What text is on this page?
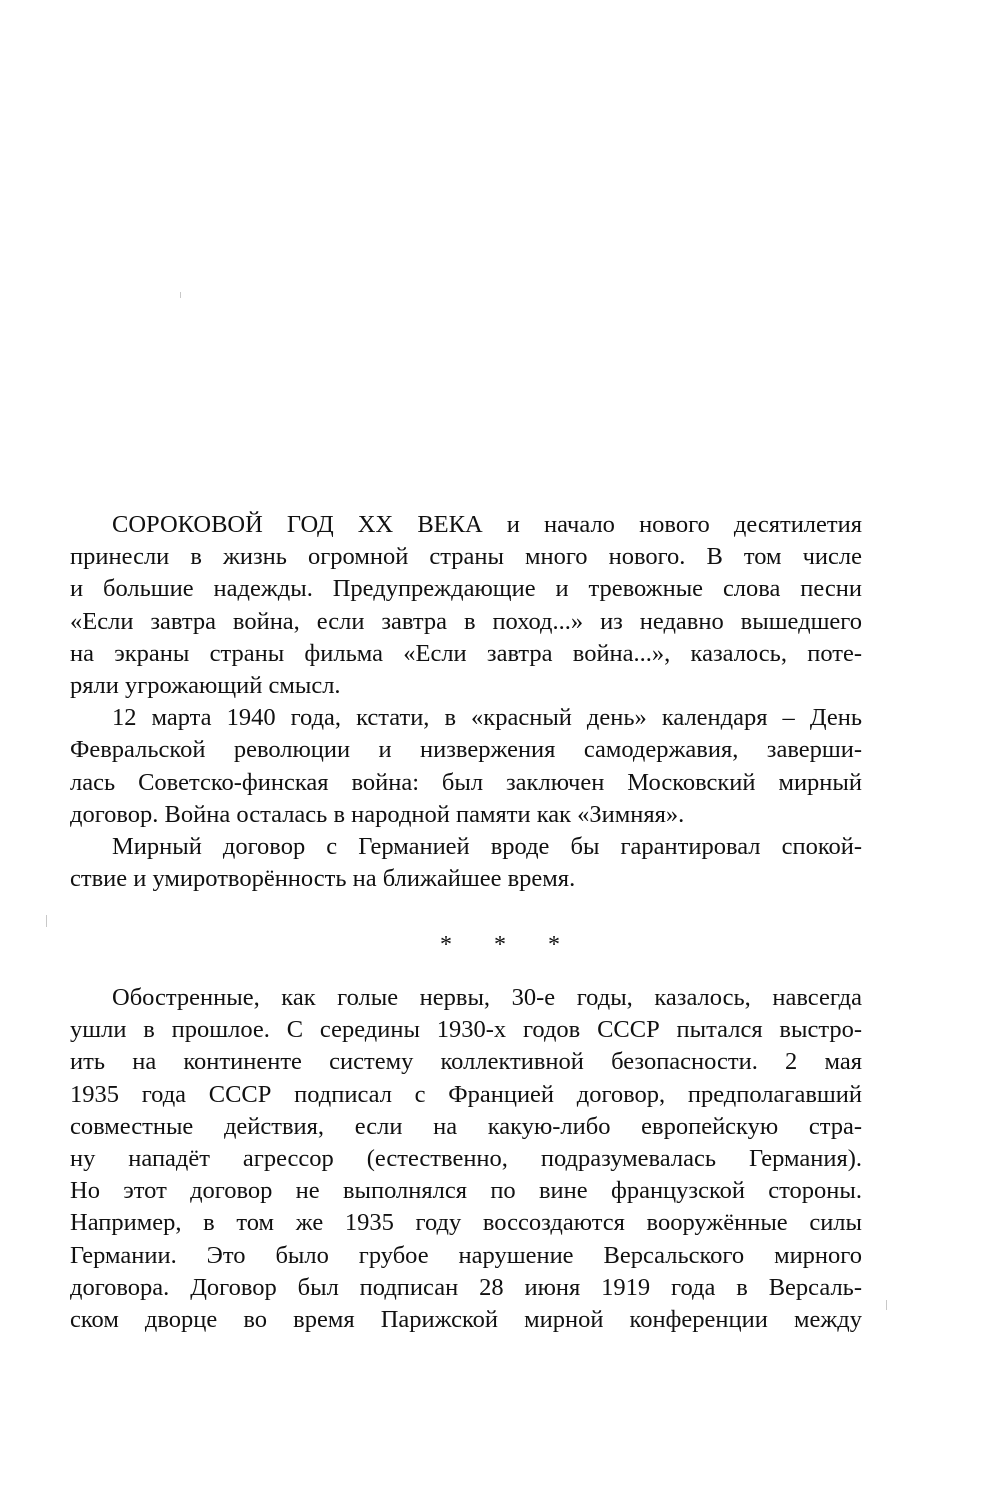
СОРОКОВОЙ ГОД XX ВЕКА и начало нового десятилетия
принесли в жизнь огромной страны много нового. В том числе
и большие надежды. Предупреждающие и тревожные слова песни
«Если завтра война, если завтра в поход...» из недавно вышедшего
на экраны страны фильма «Если завтра война...», казалось, поте-
ряли угрожающий смысл.
12 марта 1940 года, кстати, в «красный день» календаря – День
Февральской революции и низвержения самодержавия, заверши-
лась Советско-финская война: был заключен Московский мирный
договор. Война осталась в народной памяти как «Зимняя».
Мирный договор с Германией вроде бы гарантировал спокой-
ствие и умиротворённость на ближайшее время.
* * *
Обостренные, как голые нервы, 30-е годы, казалось, навсегда
ушли в прошлое. С середины 1930-х годов СССР пытался выстро-
ить на континенте систему коллективной безопасности. 2 мая
1935 года СССР подписал с Францией договор, предполагавший
совместные действия, если на какую-либо европейскую стра-
ну нападёт агрессор (естественно, подразумевалась Германия).
Но этот договор не выполнялся по вине французской стороны.
Например, в том же 1935 году воссоздаются вооружённые силы
Германии. Это было грубое нарушение Версальского мирного
договора. Договор был подписан 28 июня 1919 года в Версаль-
ском дворце во время Парижской мирной конференции между
